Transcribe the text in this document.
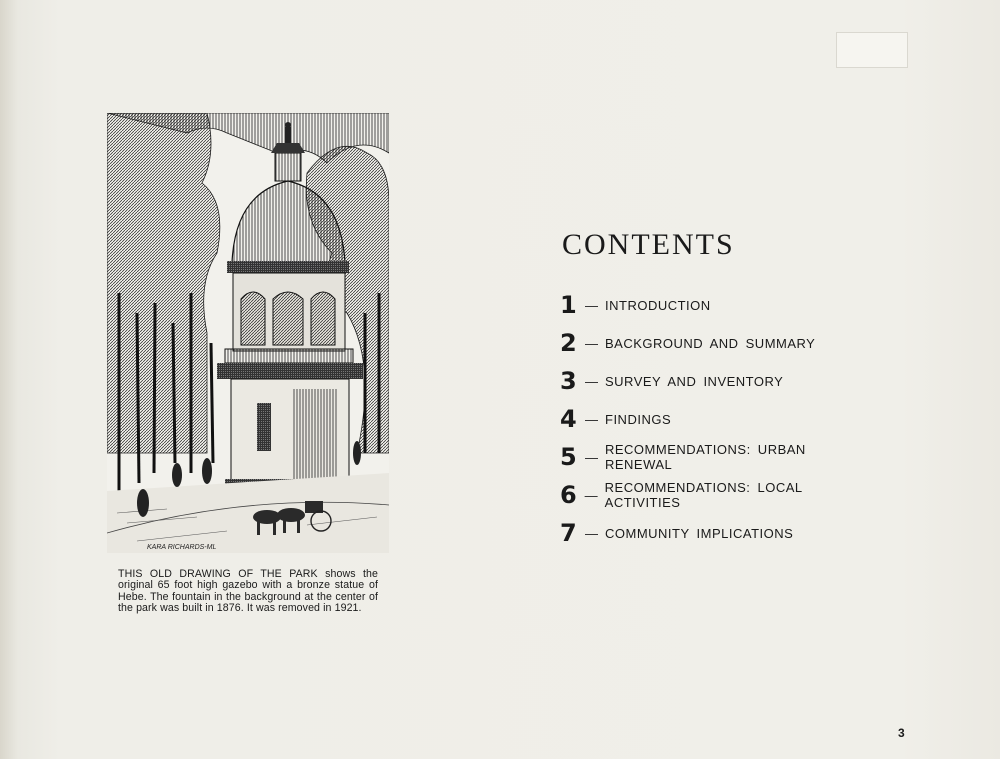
KARA RICHARDS-ML
THIS OLD DRAWING OF THE PARK shows the original 65 foot high gazebo with a bronze statue of Hebe. The fountain in the background at the center of the park was built in 1876. It was removed in 1921.
CONTENTS
1 — INTRODUCTION
2 — BACKGROUND AND SUMMARY
3 — SURVEY AND INVENTORY
4 — FINDINGS
5 — RECOMMENDATIONS: URBAN RENEWAL
6 — RECOMMENDATIONS: LOCAL ACTIVITIES
7 — COMMUNITY IMPLICATIONS
3
